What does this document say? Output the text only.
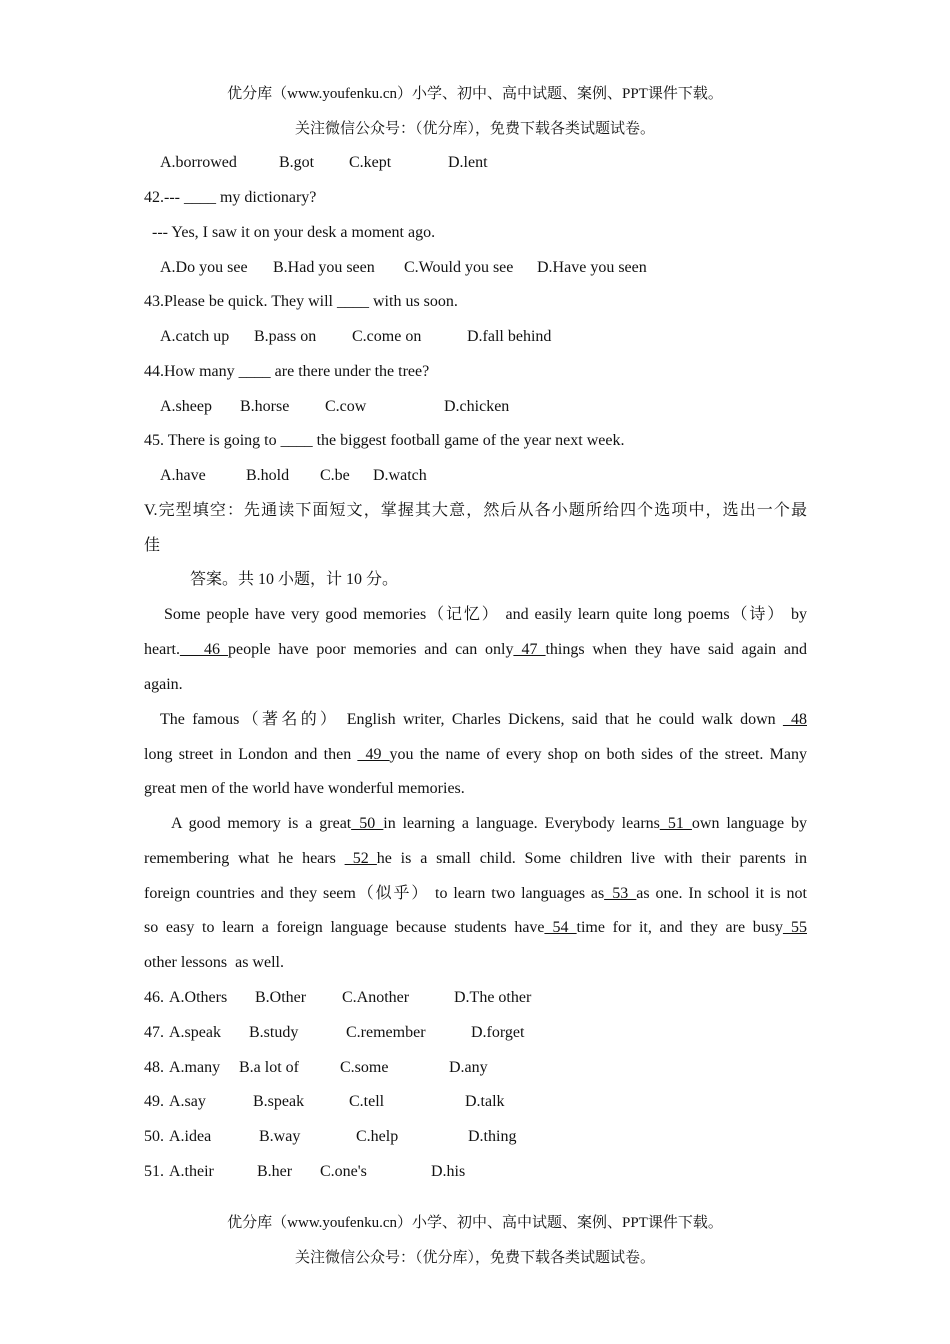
优分库（www.youfenku.cn）小学、初中、高中试题、案例、PPT课件下载。
关注微信公众号：（优分库），免费下载各类试题试卷。
A.borrowed	B.got C.kept	D.lent
42.--- ____ my dictionary?
--- Yes, I saw it on your desk a moment ago.
A.Do you see B.Had you seen C.Would you see D.Have you seen
43.Please be quick. They will ____ with us soon.
A.catch up B.pass on C.come on	D.fall behind
44.How many ____ are there under the tree?
A.sheep B.horse C.cow	D.chicken
45. There is going to ____ the biggest football game of the year next week.
A.have	B.hold C.be D.watch
V.完型填空：先通读下面短文，掌握其大意，然后从各小题所给四个选项中，选出一个最
佳
答案。共 10 小题，计 10 分。
Some people have very good memories（记忆） and easily learn quite long poems（诗） by
heart.___46_people have poor memories and can only_47_things when they have said again and
again.
The famous（著名的） English writer, Charles Dickens, said that he could walk down _48
long street in London and then _49_you the name of every shop on both sides of the street. Many
great men of the world have wonderful memories.
A good memory is a great_50_in learning a language. Everybody learns_51_own language by
remembering what he hears _52_he is a small child. Some children live with their parents in
foreign countries and they seem（似乎） to learn two languages as_53_as one. In school it is not
so easy to learn a foreign language because students have_54_time for it, and they are busy_55
other lessons  as well.
46. A.Others B.Other C.Another	D.The other
47. A.speak B.study	C.remember	D.forget
48. A.many B.a lot of	C.some	D.any
49. A.say	B.speak	C.tell	D.talk
50. A.idea	B.way	C.help	D.thing
51. A.their	B.her C.one's	D.his
优分库（www.youfenku.cn）小学、初中、高中试题、案例、PPT课件下载。
关注微信公众号：（优分库），免费下载各类试题试卷。
